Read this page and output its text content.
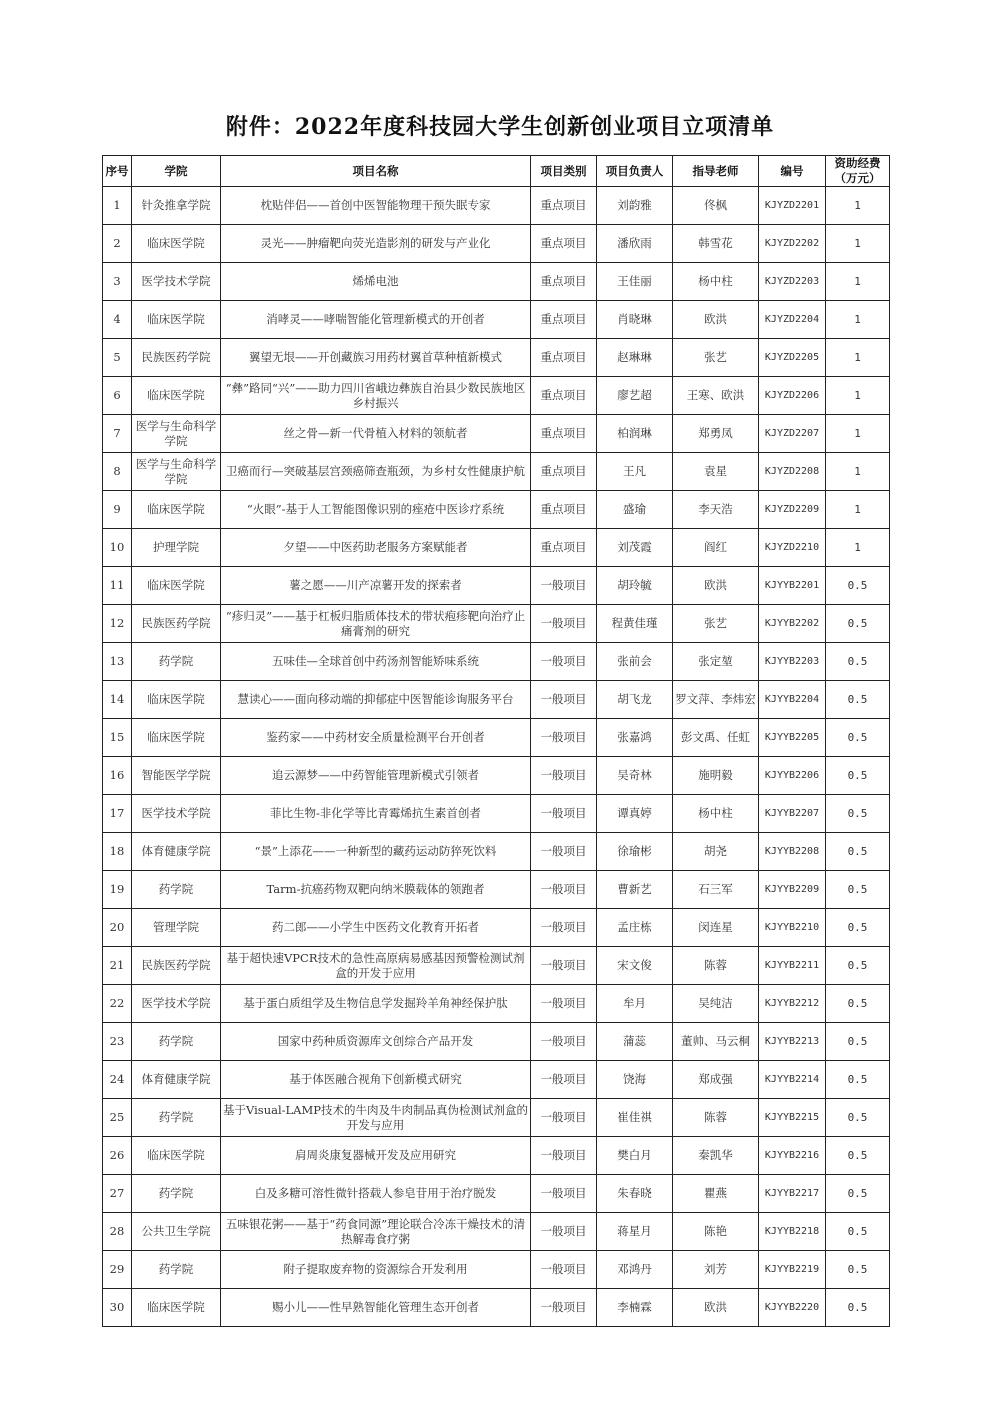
附件：2022年度科技园大学生创新创业项目立项清单
序号	学院	项目名称	项目类别	项目负责人	指导老师	编号	资助经费
（万元）
1	针灸推拿学院	枕贴伴侣——首创中医智能物理干预失眠专家	重点项目	刘韵雅	佟枫	KJYZD2201	1
2	临床医学院	灵光——肿瘤靶向荧光造影剂的研发与产业化	重点项目	潘欣雨	韩雪花	KJYZD2202	1
3	医学技术学院	烯烯电池	重点项目	王佳丽	杨中柱	KJYZD2203	1
4	临床医学院	消哮灵——哮喘智能化管理新模式的开创者	重点项目	肖晓琳	欧洪	KJYZD2204	1
5	民族医药学院	翼望无垠——开创藏族习用药材翼首草种植新模式	重点项目	赵琳琳	张艺	KJYZD2205	1
6	临床医学院	“彝”路同“兴”——助力四川省峨边彝族自治县少数民族地区乡村振兴	重点项目	廖艺超	王寒、欧洪	KJYZD2206	1
7	医学与生命科学学院	丝之骨—新一代骨植入材料的领航者	重点项目	柏润琳	郑勇凤	KJYZD2207	1
8	医学与生命科学学院	卫癌而行—突破基层宫颈癌筛查瓶颈，为乡村女性健康护航	重点项目	王凡	袁星	KJYZD2208	1
9	临床医学院	“火眼”-基于人工智能图像识别的痤疮中医诊疗系统	重点项目	盛瑜	李天浩	KJYZD2209	1
10	护理学院	夕望——中医药助老服务方案赋能者	重点项目	刘茂霞	阎红	KJYZD2210	1
11	临床医学院	薯之愿——川产凉薯开发的探索者	一般项目	胡玲毓	欧洪	KJYYB2201	0.5
12	民族医药学院	“疹归灵”——基于杠板归脂质体技术的带状疱疹靶向治疗止痛膏剂的研究	一般项目	程黄佳瑾	张艺	KJYYB2202	0.5
13	药学院	五味佳—全球首创中药汤剂智能矫味系统	一般项目	张前会	张定堃	KJYYB2203	0.5
14	临床医学院	慧读心——面向移动端的抑郁症中医智能诊询服务平台	一般项目	胡飞龙	罗文萍、李炜宏	KJYYB2204	0.5
15	临床医学院	鉴药家——中药材安全质量检测平台开创者	一般项目	张嘉鸿	彭文禹、任虹	KJYYB2205	0.5
16	智能医学学院	追云源梦——中药智能管理新模式引领者	一般项目	吴奇林	施明毅	KJYYB2206	0.5
17	医学技术学院	菲比生物-非化学等比青霉烯抗生素首创者	一般项目	谭真婷	杨中柱	KJYYB2207	0.5
18	体育健康学院	“景”上添花——一种新型的藏药运动防猝死饮料	一般项目	徐瑜彬	胡尧	KJYYB2208	0.5
19	药学院	Tarm-抗癌药物双靶向纳米膜载体的领跑者	一般项目	曹新艺	石三军	KJYYB2209	0.5
20	管理学院	药二郎——小学生中医药文化教育开拓者	一般项目	孟庄栋	闵连星	KJYYB2210	0.5
21	民族医药学院	基于超快速VPCR技术的急性高原病易感基因预警检测试剂盒的开发于应用	一般项目	宋文俊	陈蓉	KJYYB2211	0.5
22	医学技术学院	基于蛋白质组学及生物信息学发掘羚羊角神经保护肽	一般项目	牟月	吴纯洁	KJYYB2212	0.5
23	药学院	国家中药种质资源库文创综合产品开发	一般项目	蒲蕊	董帅、马云桐	KJYYB2213	0.5
24	体育健康学院	基于体医融合视角下创新模式研究	一般项目	饶海	郑成强	KJYYB2214	0.5
25	药学院	基于Visual-LAMP技术的牛肉及牛肉制品真伪检测试剂盒的开发与应用	一般项目	崔佳祺	陈蓉	KJYYB2215	0.5
26	临床医学院	肩周炎康复器械开发及应用研究	一般项目	樊白月	秦凯华	KJYYB2216	0.5
27	药学院	白及多糖可溶性微针搭载人参皂苷用于治疗脱发	一般项目	朱春晓	瞿燕	KJYYB2217	0.5
28	公共卫生学院	五味银花粥——基于“药食同源”理论联合冷冻干燥技术的清热解毒食疗粥	一般项目	蒋星月	陈艳	KJYYB2218	0.5
29	药学院	附子提取废弃物的资源综合开发利用	一般项目	邓鸿丹	刘芳	KJYYB2219	0.5
30	临床医学院	赐小儿——性早熟智能化管理生态开创者	一般项目	李楠霖	欧洪	KJYYB2220	0.5
